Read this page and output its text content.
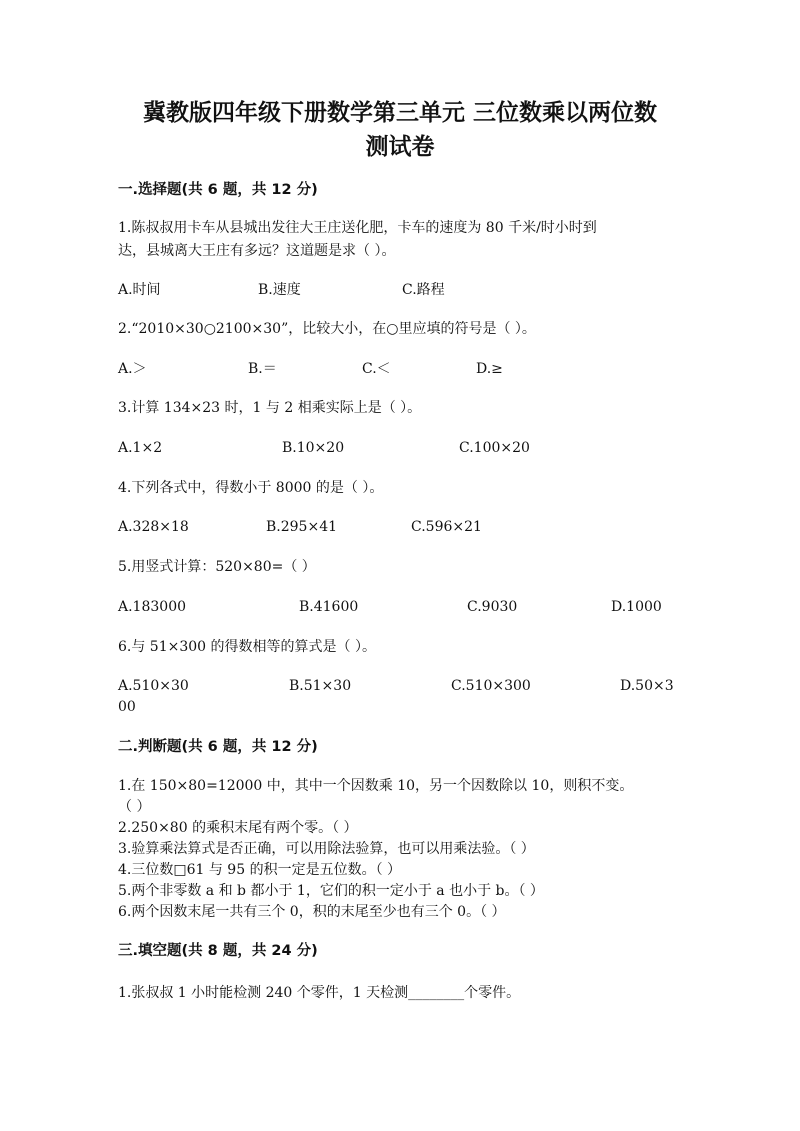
冀教版四年级下册数学第三单元 三位数乘以两位数
测试卷
一.选择题(共 6 题，共 12 分)
1.陈叔叔用卡车从县城出发往大王庄送化肥，卡车的速度为 80 千米/时小时到
达，县城离大王庄有多远？这道题是求（ ）。
A.时间	B.速度	C.路程
2.“2010×30○2100×30”，比较大小，在○里应填的符号是（ ）。
A.＞	B.＝	C.＜	D.≥
3.计算 134×23 时，1 与 2 相乘实际上是（ ）。
A.1×2	B.10×20	C.100×20
4.下列各式中，得数小于 8000 的是（ ）。
A.328×18	B.295×41	C.596×21
5.用竖式计算：520×80=（ ）
A.183000	B.41600	C.9030	D.1000
6.与 51×300 的得数相等的算式是（ ）。
A.510×30	B.51×30	C.510×300	D.50×3
00
二.判断题(共 6 题，共 12 分)
1.在 150×80=12000 中，其中一个因数乘 10，另一个因数除以 10，则积不变。
（ ）
2.250×80 的乘积末尾有两个零。（ ）
3.验算乘法算式是否正确，可以用除法验算，也可以用乘法验。（ ）
4.三位数□61 与 95 的积一定是五位数。（ ）
5.两个非零数 a 和 b 都小于 1，它们的积一定小于 a 也小于 b。（ ）
6.两个因数末尾一共有三个 0，积的末尾至少也有三个 0。（ ）
三.填空题(共 8 题，共 24 分)
1.张叔叔 1 小时能检测 240 个零件，1 天检测________个零件。
